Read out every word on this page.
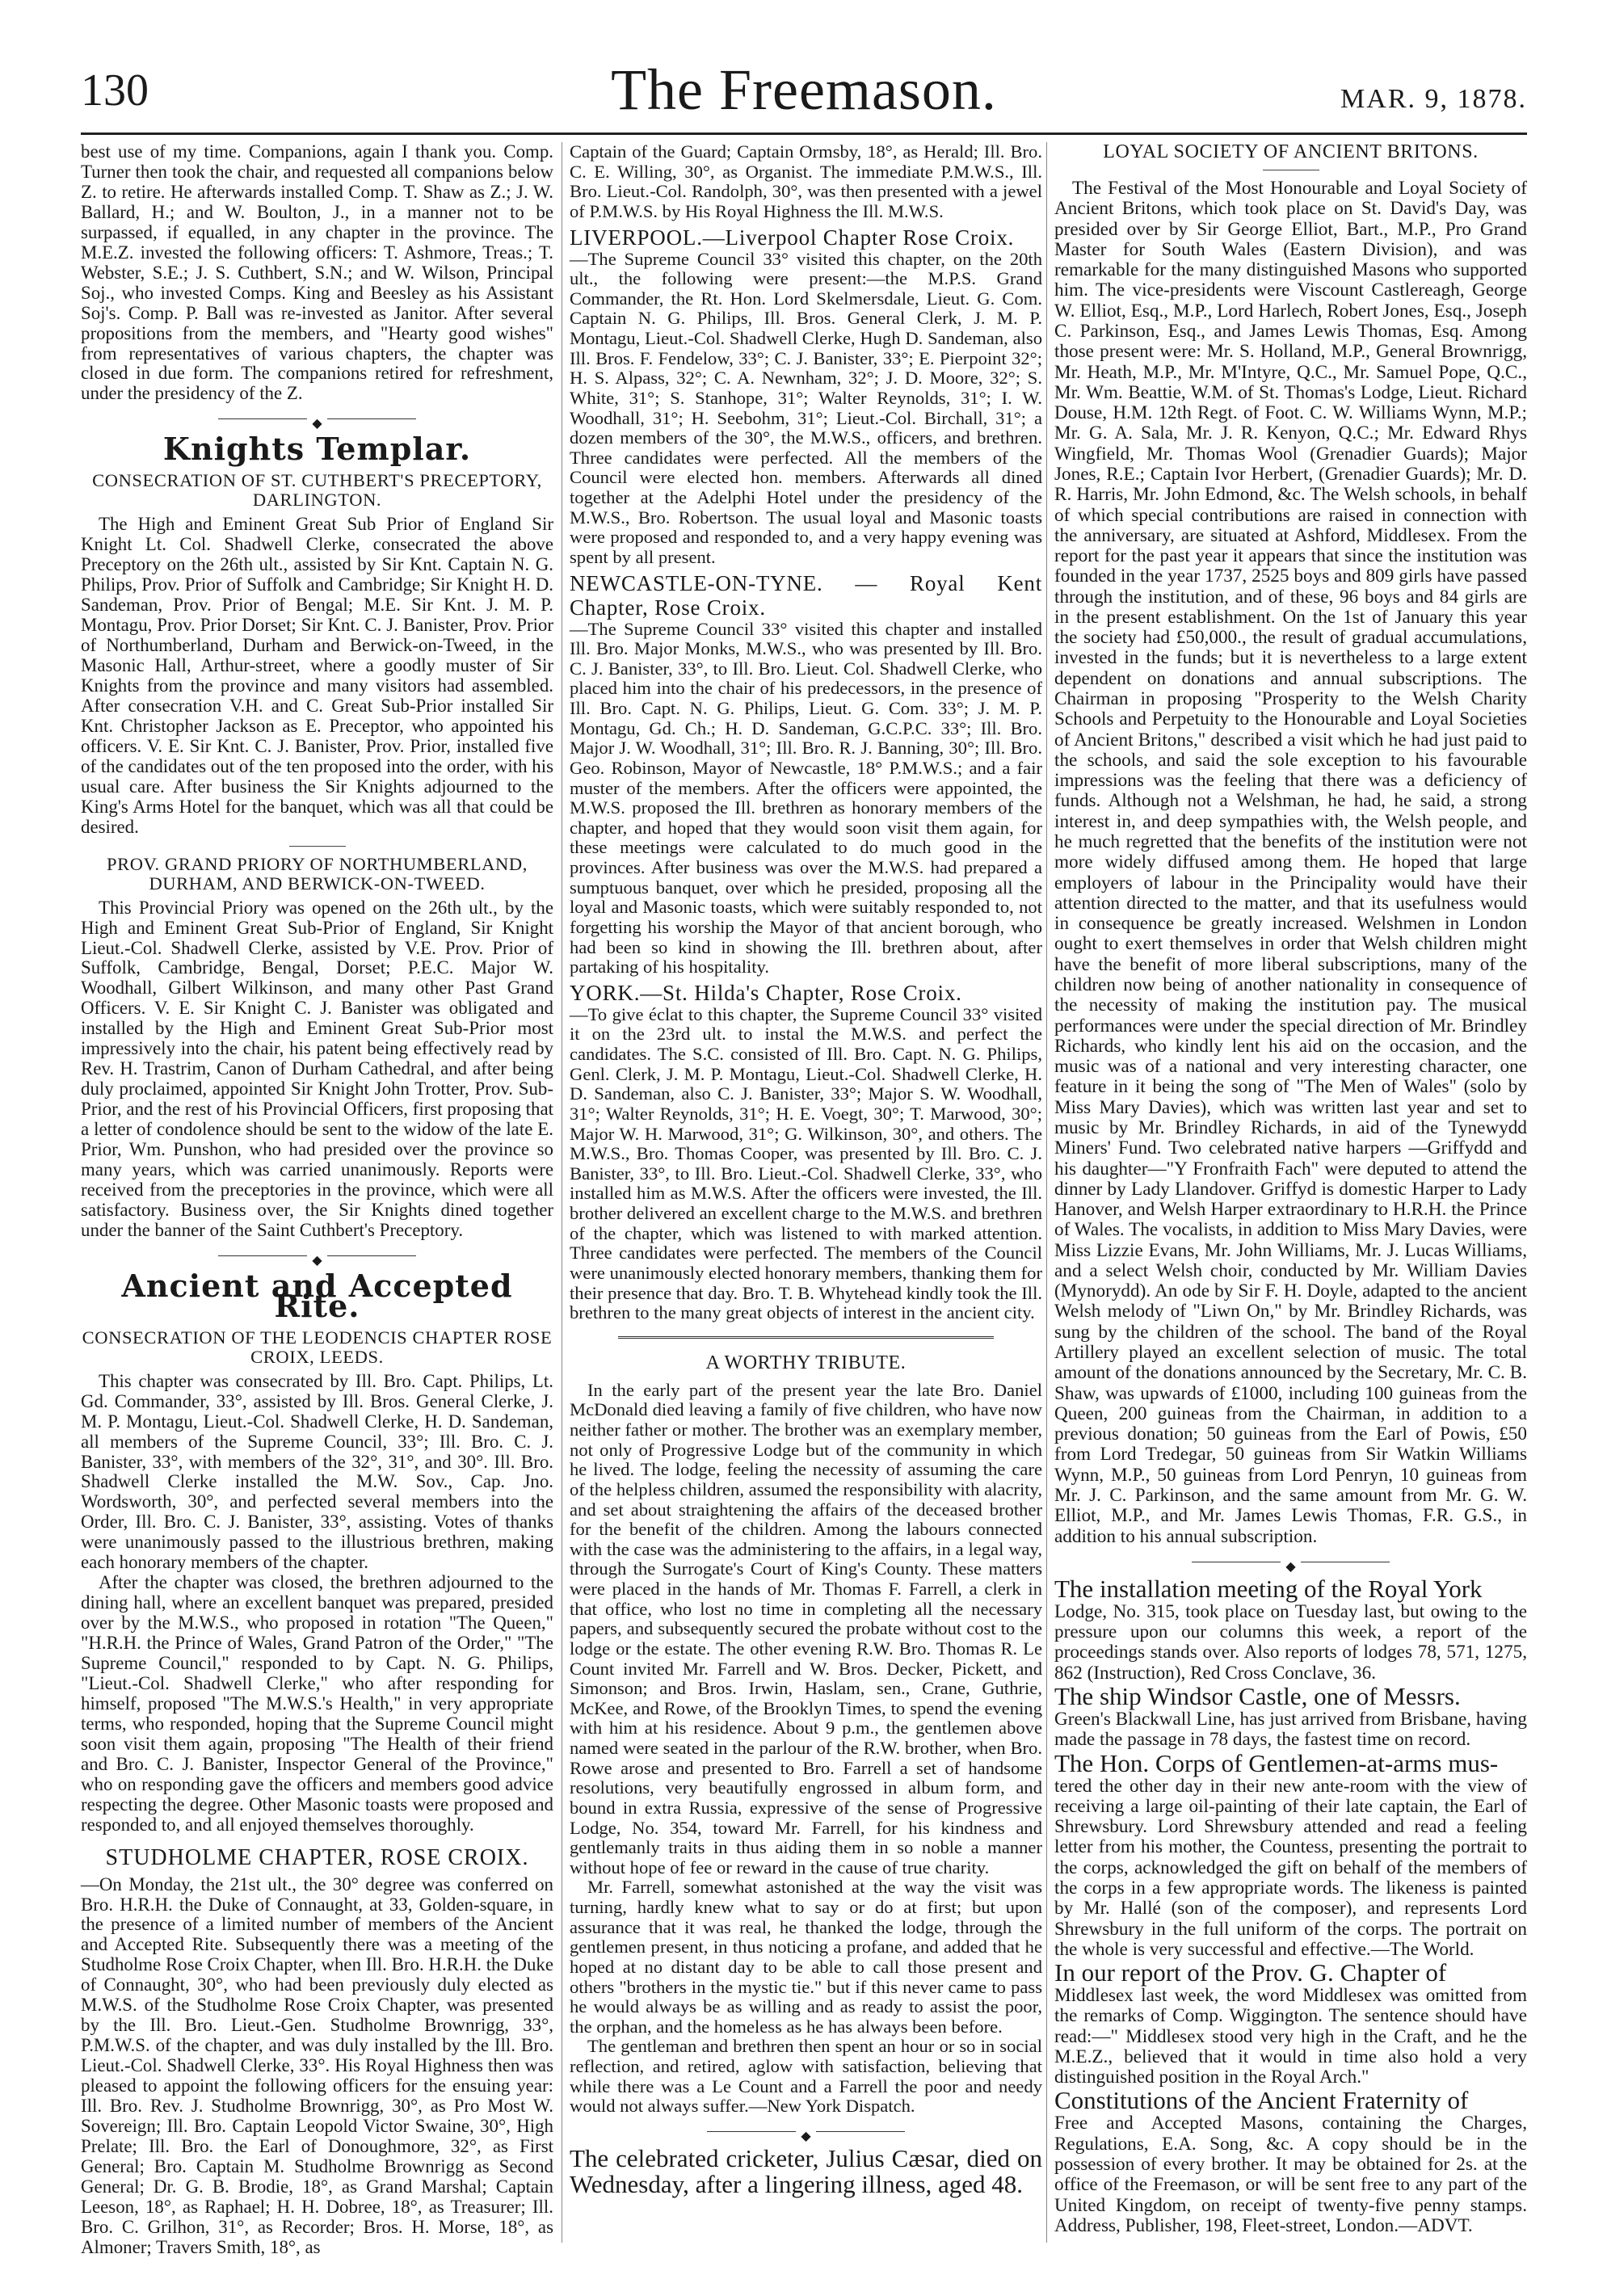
130	The Freemason.	MAR. 9, 1878.

best use of my time. Companions, again I thank you. Comp. Turner then took the chair, and requested all companions below Z. to retire. He afterwards installed Comp. T. Shaw as Z.; J. W. Ballard, H.; and W. Boulton, J., in a manner not to be surpassed, if equalled, in any chapter in the province. The M.E.Z. invested the following officers: T. Ashmore, Treas.; T. Webster, S.E.; J. S. Cuthbert, S.N.; and W. Wilson, Principal Soj., who invested Comps. King and Beesley as his Assistant Soj's. Comp. P. Ball was re-invested as Janitor. After several propositions from the members, and "Hearty good wishes" from representatives of various chapters, the chapter was closed in due form. The companions retired for refreshment, under the presidency of the Z.

◆
Knights Templar.
CONSECRATION OF ST. CUTHBERT'S PRECEPTORY, DARLINGTON.

The High and Eminent Great Sub Prior of England Sir Knight Lt. Col. Shadwell Clerke, consecrated the above Preceptory on the 26th ult., assisted by Sir Knt. Captain N. G. Philips, Prov. Prior of Suffolk and Cambridge; Sir Knight H. D. Sandeman, Prov. Prior of Bengal; M.E. Sir Knt. J. M. P. Montagu, Prov. Prior Dorset; Sir Knt. C. J. Banister, Prov. Prior of Northumberland, Durham and Berwick-on-Tweed, in the Masonic Hall, Arthur-street, where a goodly muster of Sir Knights from the province and many visitors had assembled. After consecration V.H. and C. Great Sub-Prior installed Sir Knt. Christopher Jackson as E. Preceptor, who appointed his officers. V. E. Sir Knt. C. J. Banister, Prov. Prior, installed five of the candidates out of the ten proposed into the order, with his usual care. After business the Sir Knights adjourned to the King's Arms Hotel for the banquet, which was all that could be desired.

PROV. GRAND PRIORY OF NORTHUMBERLAND, DURHAM, AND BERWICK-ON-TWEED.

This Provincial Priory was opened on the 26th ult., by the High and Eminent Great Sub-Prior of England, Sir Knight Lieut.-Col. Shadwell Clerke, assisted by V.E. Prov. Prior of Suffolk, Cambridge, Bengal, Dorset; P.E.C. Major W. Woodhall, Gilbert Wilkinson, and many other Past Grand Officers. V. E. Sir Knight C. J. Banister was obligated and installed by the High and Eminent Great Sub-Prior most impressively into the chair, his patent being effectively read by Rev. H. Trastrim, Canon of Durham Cathedral, and after being duly proclaimed, appointed Sir Knight John Trotter, Prov. Sub-Prior, and the rest of his Provincial Officers, first proposing that a letter of condolence should be sent to the widow of the late E. Prior, Wm. Punshon, who had presided over the province so many years, which was carried unanimously. Reports were received from the preceptories in the province, which were all satisfactory. Business over, the Sir Knights dined together under the banner of the Saint Cuthbert's Preceptory.

◆
Ancient and Accepted Rite.
CONSECRATION OF THE LEODENCIS CHAPTER ROSE CROIX, LEEDS.

This chapter was consecrated by Ill. Bro. Capt. Philips, Lt. Gd. Commander, 33°, assisted by Ill. Bros. General Clerke, J. M. P. Montagu, Lieut.-Col. Shadwell Clerke, H. D. Sandeman, all members of the Supreme Council, 33°; Ill. Bro. C. J. Banister, 33°, with members of the 32°, 31°, and 30°. Ill. Bro. Shadwell Clerke installed the M.W. Sov., Cap. Jno. Wordsworth, 30°, and perfected several members into the Order, Ill. Bro. C. J. Banister, 33°, assisting. Votes of thanks were unanimously passed to the illustrious brethren, making each honorary members of the chapter.

After the chapter was closed, the brethren adjourned to the dining hall, where an excellent banquet was prepared, presided over by the M.W.S., who proposed in rotation "The Queen," "H.R.H. the Prince of Wales, Grand Patron of the Order," "The Supreme Council," responded to by Capt. N. G. Philips, "Lieut.-Col. Shadwell Clerke," who after responding for himself, proposed "The M.W.S.'s Health," in very appropriate terms, who responded, hoping that the Supreme Council might soon visit them again, proposing "The Health of their friend and Bro. C. J. Banister, Inspector General of the Province," who on responding gave the officers and members good advice respecting the degree. Other Masonic toasts were proposed and responded to, and all enjoyed themselves thoroughly.

STUDHOLME CHAPTER, ROSE CROIX.

—On Monday, the 21st ult., the 30° degree was conferred on Bro. H.R.H. the Duke of Connaught, at 33, Golden-square, in the presence of a limited number of members of the Ancient and Accepted Rite. Subsequently there was a meeting of the Studholme Rose Croix Chapter, when Ill. Bro. H.R.H. the Duke of Connaught, 30°, who had been previously duly elected as M.W.S. of the Studholme Rose Croix Chapter, was presented by the Ill. Bro. Lieut.-Gen. Studholme Brownrigg, 33°, P.M.W.S. of the chapter, and was duly installed by the Ill. Bro. Lieut.-Col. Shadwell Clerke, 33°. His Royal Highness then was pleased to appoint the following officers for the ensuing year: Ill. Bro. Rev. J. Studholme Brownrigg, 30°, as Pro Most W. Sovereign; Ill. Bro. Captain Leopold Victor Swaine, 30°, High Prelate; Ill. Bro. the Earl of Donoughmore, 32°, as First General; Bro. Captain M. Studholme Brownrigg as Second General; Dr. G. B. Brodie, 18°, as Grand Marshal; Captain Leeson, 18°, as Raphael; H. H. Dobree, 18°, as Treasurer; Ill. Bro. C. Grilhon, 31°, as Recorder; Bros. H. Morse, 18°, as Almoner; Travers Smith, 18°, as

Captain of the Guard; Captain Ormsby, 18°, as Herald; Ill. Bro. C. E. Willing, 30°, as Organist. The immediate P.M.W.S., Ill. Bro. Lieut.-Col. Randolph, 30°, was then presented with a jewel of P.M.W.S. by His Royal Highness the Ill. M.W.S.

LIVERPOOL.—Liverpool Chapter Rose Croix.

—The Supreme Council 33° visited this chapter, on the 20th ult., the following were present:—the M.P.S. Grand Commander, the Rt. Hon. Lord Skelmersdale, Lieut. G. Com. Captain N. G. Philips, Ill. Bros. General Clerk, J. M. P. Montagu, Lieut.-Col. Shadwell Clerke, Hugh D. Sandeman, also Ill. Bros. F. Fendelow, 33°; C. J. Banister, 33°; E. Pierpoint 32°; H. S. Alpass, 32°; C. A. Newnham, 32°; J. D. Moore, 32°; S. White, 31°; S. Stanhope, 31°; Walter Reynolds, 31°; I. W. Woodhall, 31°; H. Seebohm, 31°; Lieut.-Col. Birchall, 31°; a dozen members of the 30°, the M.W.S., officers, and brethren. Three candidates were perfected. All the members of the Council were elected hon. members. Afterwards all dined together at the Adelphi Hotel under the presidency of the M.W.S., Bro. Robertson. The usual loyal and Masonic toasts were proposed and responded to, and a very happy evening was spent by all present.

NEWCASTLE-ON-TYNE. — Royal Kent Chapter, Rose Croix.

—The Supreme Council 33° visited this chapter and installed Ill. Bro. Major Monks, M.W.S., who was presented by Ill. Bro. C. J. Banister, 33°, to Ill. Bro. Lieut. Col. Shadwell Clerke, who placed him into the chair of his predecessors, in the presence of Ill. Bro. Capt. N. G. Philips, Lieut. G. Com. 33°; J. M. P. Montagu, Gd. Ch.; H. D. Sandeman, G.C.P.C. 33°; Ill. Bro. Major J. W. Woodhall, 31°; Ill. Bro. R. J. Banning, 30°; Ill. Bro. Geo. Robinson, Mayor of Newcastle, 18° P.M.W.S.; and a fair muster of the members. After the officers were appointed, the M.W.S. proposed the Ill. brethren as honorary members of the chapter, and hoped that they would soon visit them again, for these meetings were calculated to do much good in the provinces. After business was over the M.W.S. had prepared a sumptuous banquet, over which he presided, proposing all the loyal and Masonic toasts, which were suitably responded to, not forgetting his worship the Mayor of that ancient borough, who had been so kind in showing the Ill. brethren about, after partaking of his hospitality.

YORK.—St. Hilda's Chapter, Rose Croix.

—To give éclat to this chapter, the Supreme Council 33° visited it on the 23rd ult. to instal the M.W.S. and perfect the candidates. The S.C. consisted of Ill. Bro. Capt. N. G. Philips, Genl. Clerk, J. M. P. Montagu, Lieut.-Col. Shadwell Clerke, H. D. Sandeman, also C. J. Banister, 33°; Major S. W. Woodhall, 31°; Walter Reynolds, 31°; H. E. Voegt, 30°; T. Marwood, 30°; Major W. H. Marwood, 31°; G. Wilkinson, 30°, and others. The M.W.S., Bro. Thomas Cooper, was presented by Ill. Bro. C. J. Banister, 33°, to Ill. Bro. Lieut.-Col. Shadwell Clerke, 33°, who installed him as M.W.S. After the officers were invested, the Ill. brother delivered an excellent charge to the M.W.S. and brethren of the chapter, which was listened to with marked attention. Three candidates were perfected. The members of the Council were unanimously elected honorary members, thanking them for their presence that day. Bro. T. B. Whytehead kindly took the Ill. brethren to the many great objects of interest in the ancient city.

A WORTHY TRIBUTE.

In the early part of the present year the late Bro. Daniel McDonald died leaving a family of five children, who have now neither father or mother. The brother was an exemplary member, not only of Progressive Lodge but of the community in which he lived. The lodge, feeling the necessity of assuming the care of the helpless children, assumed the responsibility with alacrity, and set about straightening the affairs of the deceased brother for the benefit of the children. Among the labours connected with the case was the administering to the affairs, in a legal way, through the Surrogate's Court of King's County. These matters were placed in the hands of Mr. Thomas F. Farrell, a clerk in that office, who lost no time in completing all the necessary papers, and subsequently secured the probate without cost to the lodge or the estate. The other evening R.W. Bro. Thomas R. Le Count invited Mr. Farrell and W. Bros. Decker, Pickett, and Simonson; and Bros. Irwin, Haslam, sen., Crane, Guthrie, McKee, and Rowe, of the Brooklyn Times, to spend the evening with him at his residence. About 9 p.m., the gentlemen above named were seated in the parlour of the R.W. brother, when Bro. Rowe arose and presented to Bro. Farrell a set of handsome resolutions, very beautifully engrossed in album form, and bound in extra Russia, expressive of the sense of Progressive Lodge, No. 354, toward Mr. Farrell, for his kindness and gentlemanly traits in thus aiding them in so noble a manner without hope of fee or reward in the cause of true charity.

Mr. Farrell, somewhat astonished at the way the visit was turning, hardly knew what to say or do at first; but upon assurance that it was real, he thanked the lodge, through the gentlemen present, in thus noticing a profane, and added that he hoped at no distant day to be able to call those present and others "brothers in the mystic tie." but if this never came to pass he would always be as willing and as ready to assist the poor, the orphan, and the homeless as he has always been before.

The gentleman and brethren then spent an hour or so in social reflection, and retired, aglow with satisfaction, believing that while there was a Le Count and a Farrell the poor and needy would not always suffer.—New York Dispatch.

◆

The celebrated cricketer, Julius Cæsar, died on Wednesday, after a lingering illness, aged 48.

LOYAL SOCIETY OF ANCIENT BRITONS.

The Festival of the Most Honourable and Loyal Society of Ancient Britons, which took place on St. David's Day, was presided over by Sir George Elliot, Bart., M.P., Pro Grand Master for South Wales (Eastern Division), and was remarkable for the many distinguished Masons who supported him. The vice-presidents were Viscount Castlereagh, George W. Elliot, Esq., M.P., Lord Harlech, Robert Jones, Esq., Joseph C. Parkinson, Esq., and James Lewis Thomas, Esq. Among those present were: Mr. S. Holland, M.P., General Brownrigg, Mr. Heath, M.P., Mr. M'Intyre, Q.C., Mr. Samuel Pope, Q.C., Mr. Wm. Beattie, W.M. of St. Thomas's Lodge, Lieut. Richard Douse, H.M. 12th Regt. of Foot. C. W. Williams Wynn, M.P.; Mr. G. A. Sala, Mr. J. R. Kenyon, Q.C.; Mr. Edward Rhys Wingfield, Mr. Thomas Wool (Grenadier Guards); Major Jones, R.E.; Captain Ivor Herbert, (Grenadier Guards); Mr. D. R. Harris, Mr. John Edmond, &c. The Welsh schools, in behalf of which special contributions are raised in connection with the anniversary, are situated at Ashford, Middlesex. From the report for the past year it appears that since the institution was founded in the year 1737, 2525 boys and 809 girls have passed through the institution, and of these, 96 boys and 84 girls are in the present establishment. On the 1st of January this year the society had £50,000., the result of gradual accumulations, invested in the funds; but it is nevertheless to a large extent dependent on donations and annual subscriptions. The Chairman in proposing "Prosperity to the Welsh Charity Schools and Perpetuity to the Honourable and Loyal Societies of Ancient Britons," described a visit which he had just paid to the schools, and said the sole exception to his favourable impressions was the feeling that there was a deficiency of funds. Although not a Welshman, he had, he said, a strong interest in, and deep sympathies with, the Welsh people, and he much regretted that the benefits of the institution were not more widely diffused among them. He hoped that large employers of labour in the Principality would have their attention directed to the matter, and that its usefulness would in consequence be greatly increased. Welshmen in London ought to exert themselves in order that Welsh children might have the benefit of more liberal subscriptions, many of the children now being of another nationality in consequence of the necessity of making the institution pay. The musical performances were under the special direction of Mr. Brindley Richards, who kindly lent his aid on the occasion, and the music was of a national and very interesting character, one feature in it being the song of "The Men of Wales" (solo by Miss Mary Davies), which was written last year and set to music by Mr. Brindley Richards, in aid of the Tynewydd Miners' Fund. Two celebrated native harpers —Griffydd and his daughter—"Y Fronfraith Fach" were deputed to attend the dinner by Lady Llandover. Griffyd is domestic Harper to Lady Hanover, and Welsh Harper extraordinary to H.R.H. the Prince of Wales. The vocalists, in addition to Miss Mary Davies, were Miss Lizzie Evans, Mr. John Williams, Mr. J. Lucas Williams, and a select Welsh choir, conducted by Mr. William Davies (Mynorydd). An ode by Sir F. H. Doyle, adapted to the ancient Welsh melody of "Liwn On," by Mr. Brindley Richards, was sung by the children of the school. The band of the Royal Artillery played an excellent selection of music. The total amount of the donations announced by the Secretary, Mr. C. B. Shaw, was upwards of £1000, including 100 guineas from the Queen, 200 guineas from the Chairman, in addition to a previous donation; 50 guineas from the Earl of Powis, £50 from Lord Tredegar, 50 guineas from Sir Watkin Williams Wynn, M.P., 50 guineas from Lord Penryn, 10 guineas from Mr. J. C. Parkinson, and the same amount from Mr. G. W. Elliot, M.P., and Mr. James Lewis Thomas, F.R. G.S., in addition to his annual subscription.

◆

The installation meeting of the Royal York

Lodge, No. 315, took place on Tuesday last, but owing to the pressure upon our columns this week, a report of the proceedings stands over. Also reports of lodges 78, 571, 1275, 862 (Instruction), Red Cross Conclave, 36.

The ship Windsor Castle, one of Messrs.

Green's Blackwall Line, has just arrived from Brisbane, having made the passage in 78 days, the fastest time on record.

The Hon. Corps of Gentlemen-at-arms mus-

tered the other day in their new ante-room with the view of receiving a large oil-painting of their late captain, the Earl of Shrewsbury. Lord Shrewsbury attended and read a feeling letter from his mother, the Countess, presenting the portrait to the corps, acknowledged the gift on behalf of the members of the corps in a few appropriate words. The likeness is painted by Mr. Hallé (son of the composer), and represents Lord Shrewsbury in the full uniform of the corps. The portrait on the whole is very successful and effective.—The World.

In our report of the Prov. G. Chapter of

Middlesex last week, the word Middlesex was omitted from the remarks of Comp. Wiggington. The sentence should have read:—" Middlesex stood very high in the Craft, and he the M.E.Z., believed that it would in time also hold a very distinguished position in the Royal Arch."

Constitutions of the Ancient Fraternity of

Free and Accepted Masons, containing the Charges, Regulations, E.A. Song, &c. A copy should be in the possession of every brother. It may be obtained for 2s. at the office of the Freemason, or will be sent free to any part of the United Kingdom, on receipt of twenty-five penny stamps. Address, Publisher, 198, Fleet-street, London.—ADVT.
